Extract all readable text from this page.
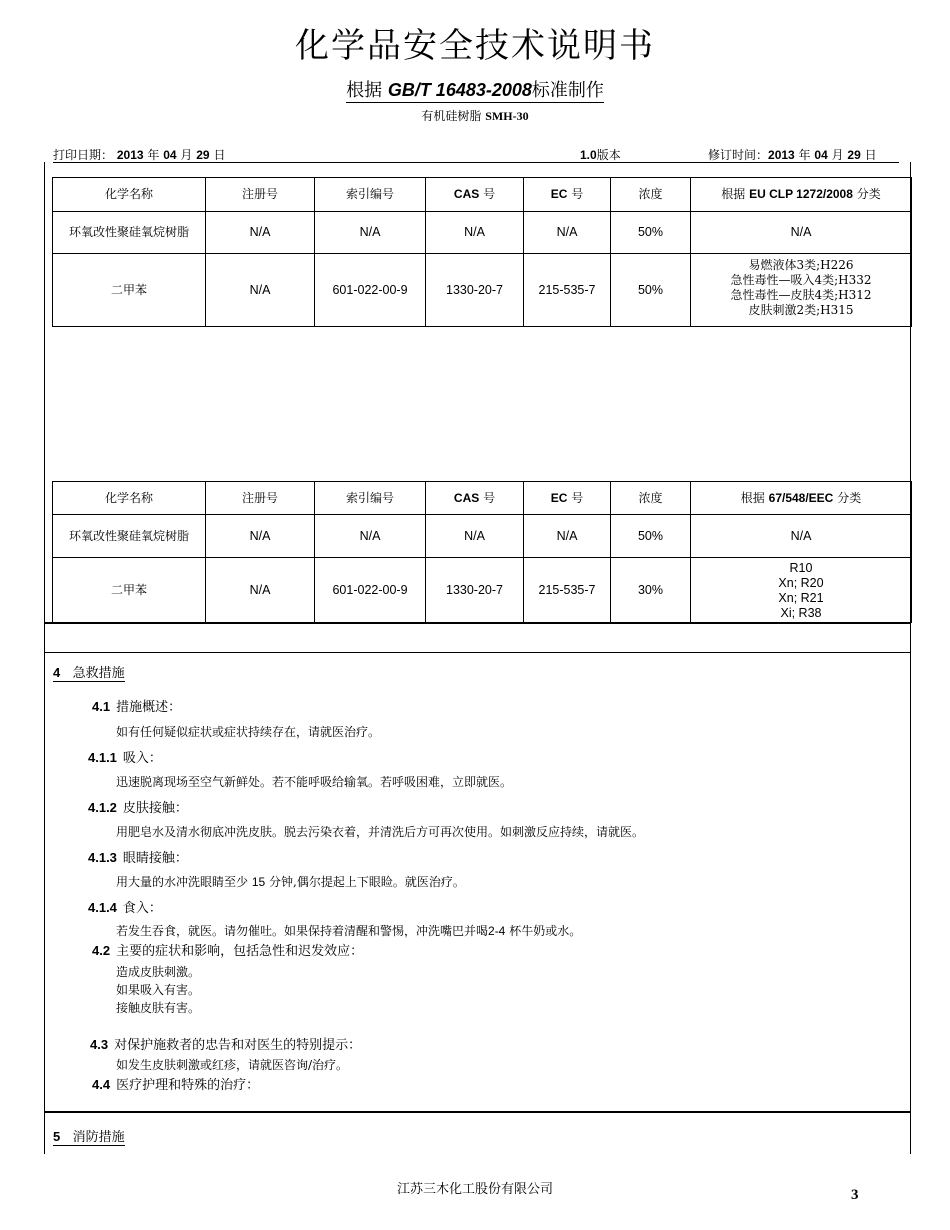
化学品安全技术说明书
根据 GB/T 16483-2008标准制作
有机硅树脂 SMH-30
打印日期： 2013 年 04 月 29 日	1.0版本	修订时间：2013 年 04 月 29 日
化学名称	注册号	索引编号	CAS 号	EC 号	浓度	根据 EU CLP 1272/2008 分类
环氧改性聚硅氧烷树脂	N/A	N/A	N/A	N/A	50%	N/A
二甲苯	N/A	601-022-00-9	1330-20-7	215-535-7	50%	易燃液体3类;H226
急性毒性—吸入4类;H332
急性毒性—皮肤4类;H312
皮肤刺激2类;H315
化学名称	注册号	索引编号	CAS 号	EC 号	浓度	根据 67/548/EEC 分类
环氧改性聚硅氧烷树脂	N/A	N/A	N/A	N/A	50%	N/A
二甲苯	N/A	601-022-00-9	1330-20-7	215-535-7	30%	R10
Xn; R20
Xn; R21
Xi; R38
4 急救措施
4.1 措施概述：
如有任何疑似症状或症状持续存在，请就医治疗。
4.1.1 吸入：
迅速脱离现场至空气新鲜处。若不能呼吸给输氧。若呼吸困难，立即就医。
4.1.2 皮肤接触：
用肥皂水及清水彻底冲洗皮肤。脱去污染衣着，并清洗后方可再次使用。如刺激反应持续，请就医。
4.1.3 眼睛接触：
用大量的水冲洗眼睛至少 15 分钟,偶尔提起上下眼睑。就医治疗。
4.1.4 食入：
若发生吞食，就医。请勿催吐。如果保持着清醒和警惕，冲洗嘴巴并喝2-4 杯牛奶或水。
4.2 主要的症状和影响，包括急性和迟发效应：
造成皮肤刺激。
如果吸入有害。
接触皮肤有害。
4.3 对保护施救者的忠告和对医生的特别提示：
如发生皮肤刺激或红疹，请就医咨询/治疗。
4.4 医疗护理和特殊的治疗：
5 消防措施
江苏三木化工股份有限公司	3
